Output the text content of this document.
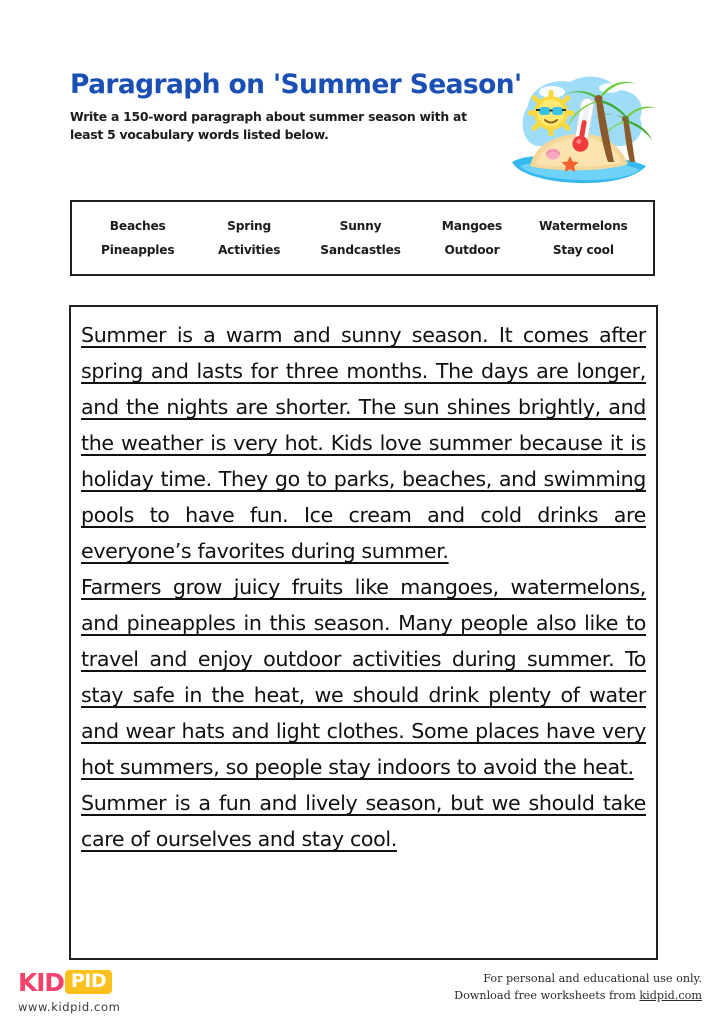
Paragraph on 'Summer Season'

Write a 150-word paragraph about summer season with at least 5 vocabulary words listed below.

Beaches	Spring	Sunny	Mangoes	Watermelons
Pineapples	Activities	Sandcastles	Outdoor	Stay cool

Summer is a warm and sunny season. It comes after spring and lasts for three months. The days are longer, and the nights are shorter. The sun shines brightly, and the weather is very hot. Kids love summer because it is holiday time. They go to parks, beaches, and swimming pools to have fun. Ice cream and cold drinks are everyone’s favorites during summer.

Farmers grow juicy fruits like mangoes, watermelons, and pineapples in this season. Many people also like to travel and enjoy outdoor activities during summer. To stay safe in the heat, we should drink plenty of water and wear hats and light clothes. Some places have very hot summers, so people stay indoors to avoid the heat.

Summer is a fun and lively season, but we should take care of ourselves and stay cool.

KID PID
www.kidpid.com
For personal and educational use only.
Download free worksheets from kidpid.com
